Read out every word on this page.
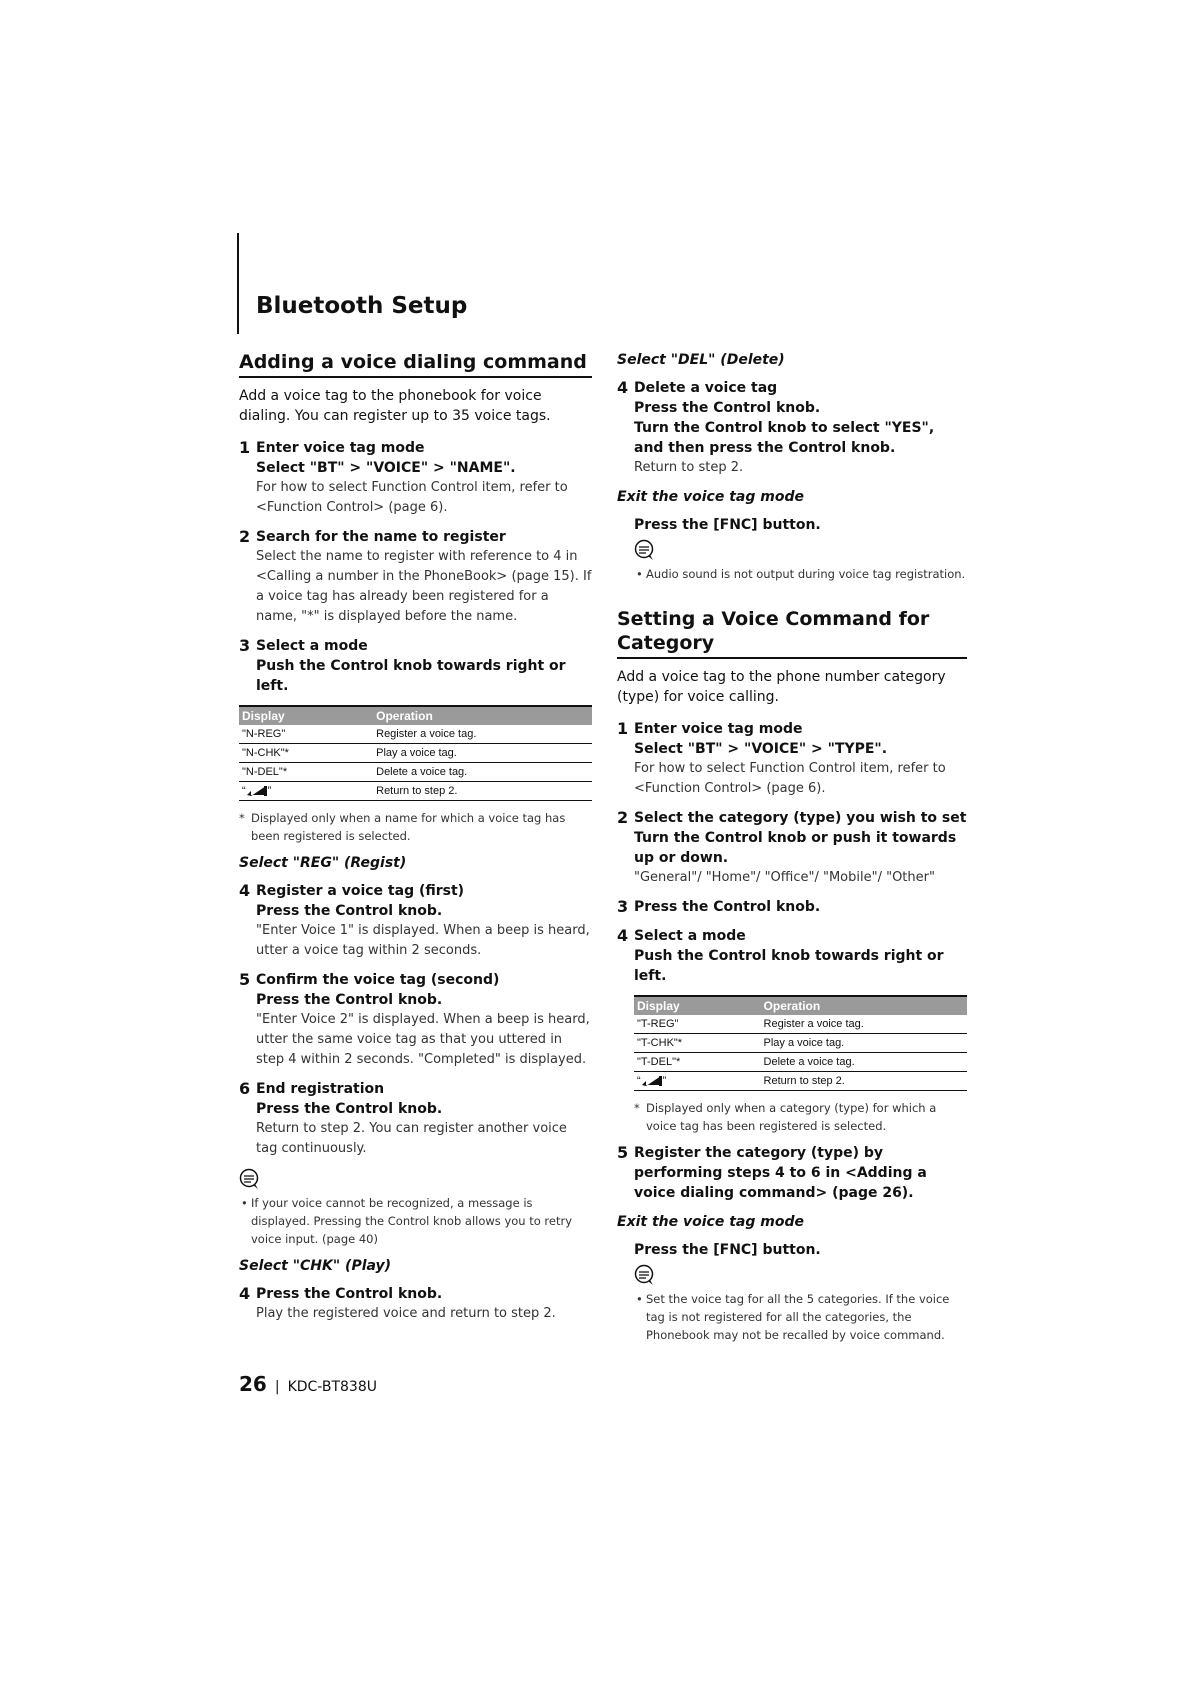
Bluetooth Setup
Adding a voice dialing command

Add a voice tag to the phonebook for voice dialing. You can register up to 35 voice tags.

1 Enter voice tag mode
Select "BT" > "VOICE" > "NAME".
For how to select Function Control item, refer to <Function Control> (page 6).
2 Search for the name to register
Select the name to register with reference to 4 in <Calling a number in the PhoneBook> (page 15). If a voice tag has already been registered for a name, "*" is displayed before the name.
3 Select a mode
Push the Control knob towards right or left.
Display	Operation
"N-REG"	Register a voice tag.
"N-CHK"*	Play a voice tag.
"N-DEL"*	Delete a voice tag.
“ ”	Return to step 2.

* Displayed only when a name for which a voice tag has been registered is selected.

Select "REG" (Regist)

4 Register a voice tag (first)
Press the Control knob.
"Enter Voice 1" is displayed. When a beep is heard, utter a voice tag within 2 seconds.
5 Confirm the voice tag (second)
Press the Control knob.
"Enter Voice 2" is displayed. When a beep is heard, utter the same voice tag as that you uttered in step 4 within 2 seconds. "Completed" is displayed.
6 End registration
Press the Control knob.
Return to step 2. You can register another voice tag continuously.

• If your voice cannot be recognized, a message is displayed. Pressing the Control knob allows you to retry voice input. (page 40)

Select "CHK" (Play)

4 Press the Control knob.
Play the registered voice and return to step 2.

Select "DEL" (Delete)

4 Delete a voice tag
Press the Control knob.
Turn the Control knob to select "YES", and then press the Control knob.
Return to step 2.

Exit the voice tag mode

Press the [FNC] button.

• Audio sound is not output during voice tag registration.

Setting a Voice Command for Category

Add a voice tag to the phone number category (type) for voice calling.

1 Enter voice tag mode
Select "BT" > "VOICE" > "TYPE".
For how to select Function Control item, refer to <Function Control> (page 6).
2 Select the category (type) you wish to set
Turn the Control knob or push it towards up or down.
"General"/ "Home"/ "Office"/ "Mobile"/ "Other"
3 Press the Control knob.
4 Select a mode
Push the Control knob towards right or left.
Display	Operation
"T-REG"	Register a voice tag.
"T-CHK"*	Play a voice tag.
"T-DEL"*	Delete a voice tag.
“ ”	Return to step 2.

* Displayed only when a category (type) for which a voice tag has been registered is selected.

5 Register the category (type) by performing steps 4 to 6 in <Adding a voice dialing command> (page 26).

Exit the voice tag mode

Press the [FNC] button.

• Set the voice tag for all the 5 categories. If the voice tag is not registered for all the categories, the Phonebook may not be recalled by voice command.

26 | KDC-BT838U
